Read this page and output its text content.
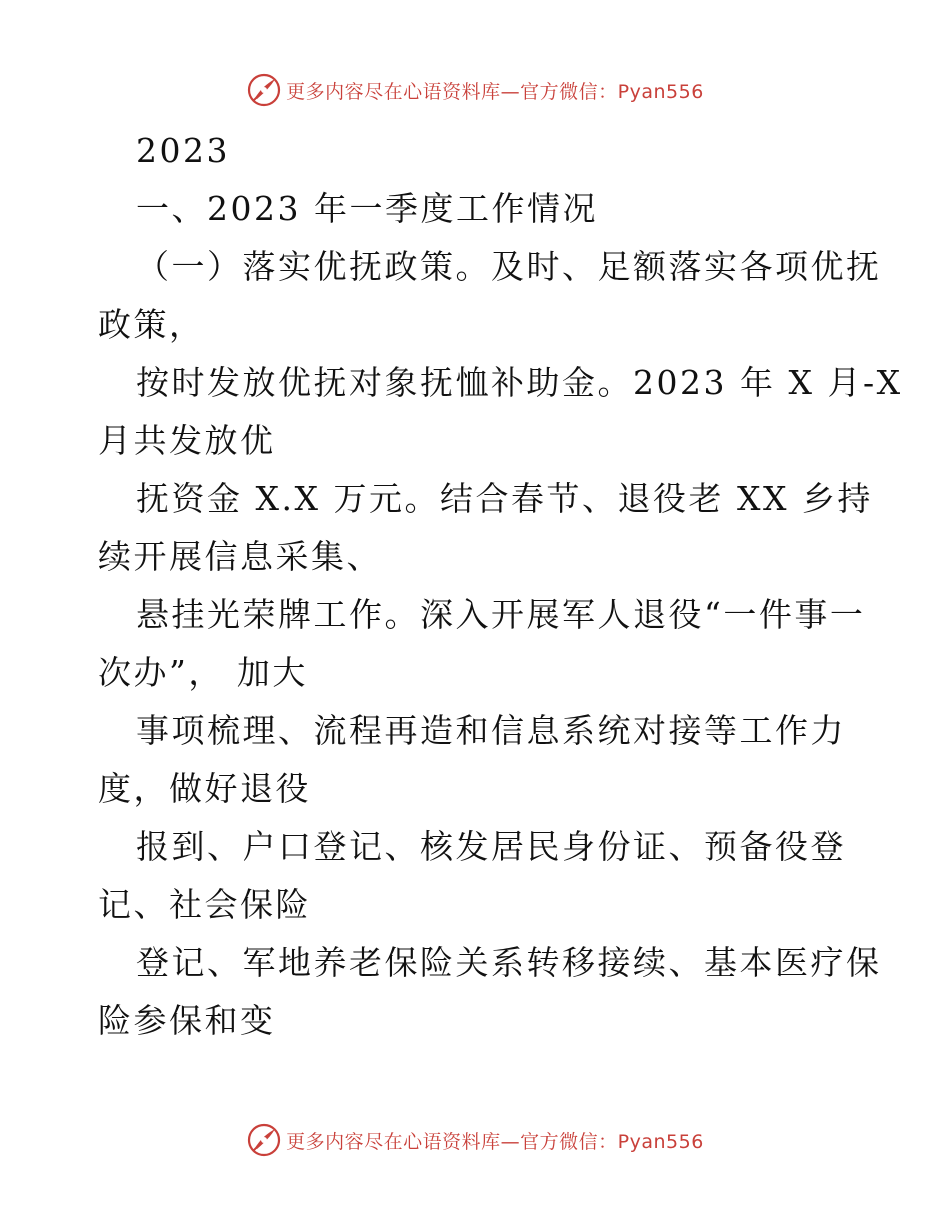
更多内容尽在心语资料库—官方微信：Pyan556
2023
一、2023 年一季度工作情况
（一）落实优抚政策。及时、足额落实各项优抚
政策，
按时发放优抚对象抚恤补助金。2023 年 X 月-X
月共发放优
抚资金 X.X 万元。结合春节、退役老 XX 乡持
续开展信息采集、
悬挂光荣牌工作。深入开展军人退役“一件事一
次办”， 加大
事项梳理、流程再造和信息系统对接等工作力
度，做好退役
报到、户口登记、核发居民身份证、预备役登
记、社会保险
登记、军地养老保险关系转移接续、基本医疗保
险参保和变
更多内容尽在心语资料库—官方微信：Pyan556
